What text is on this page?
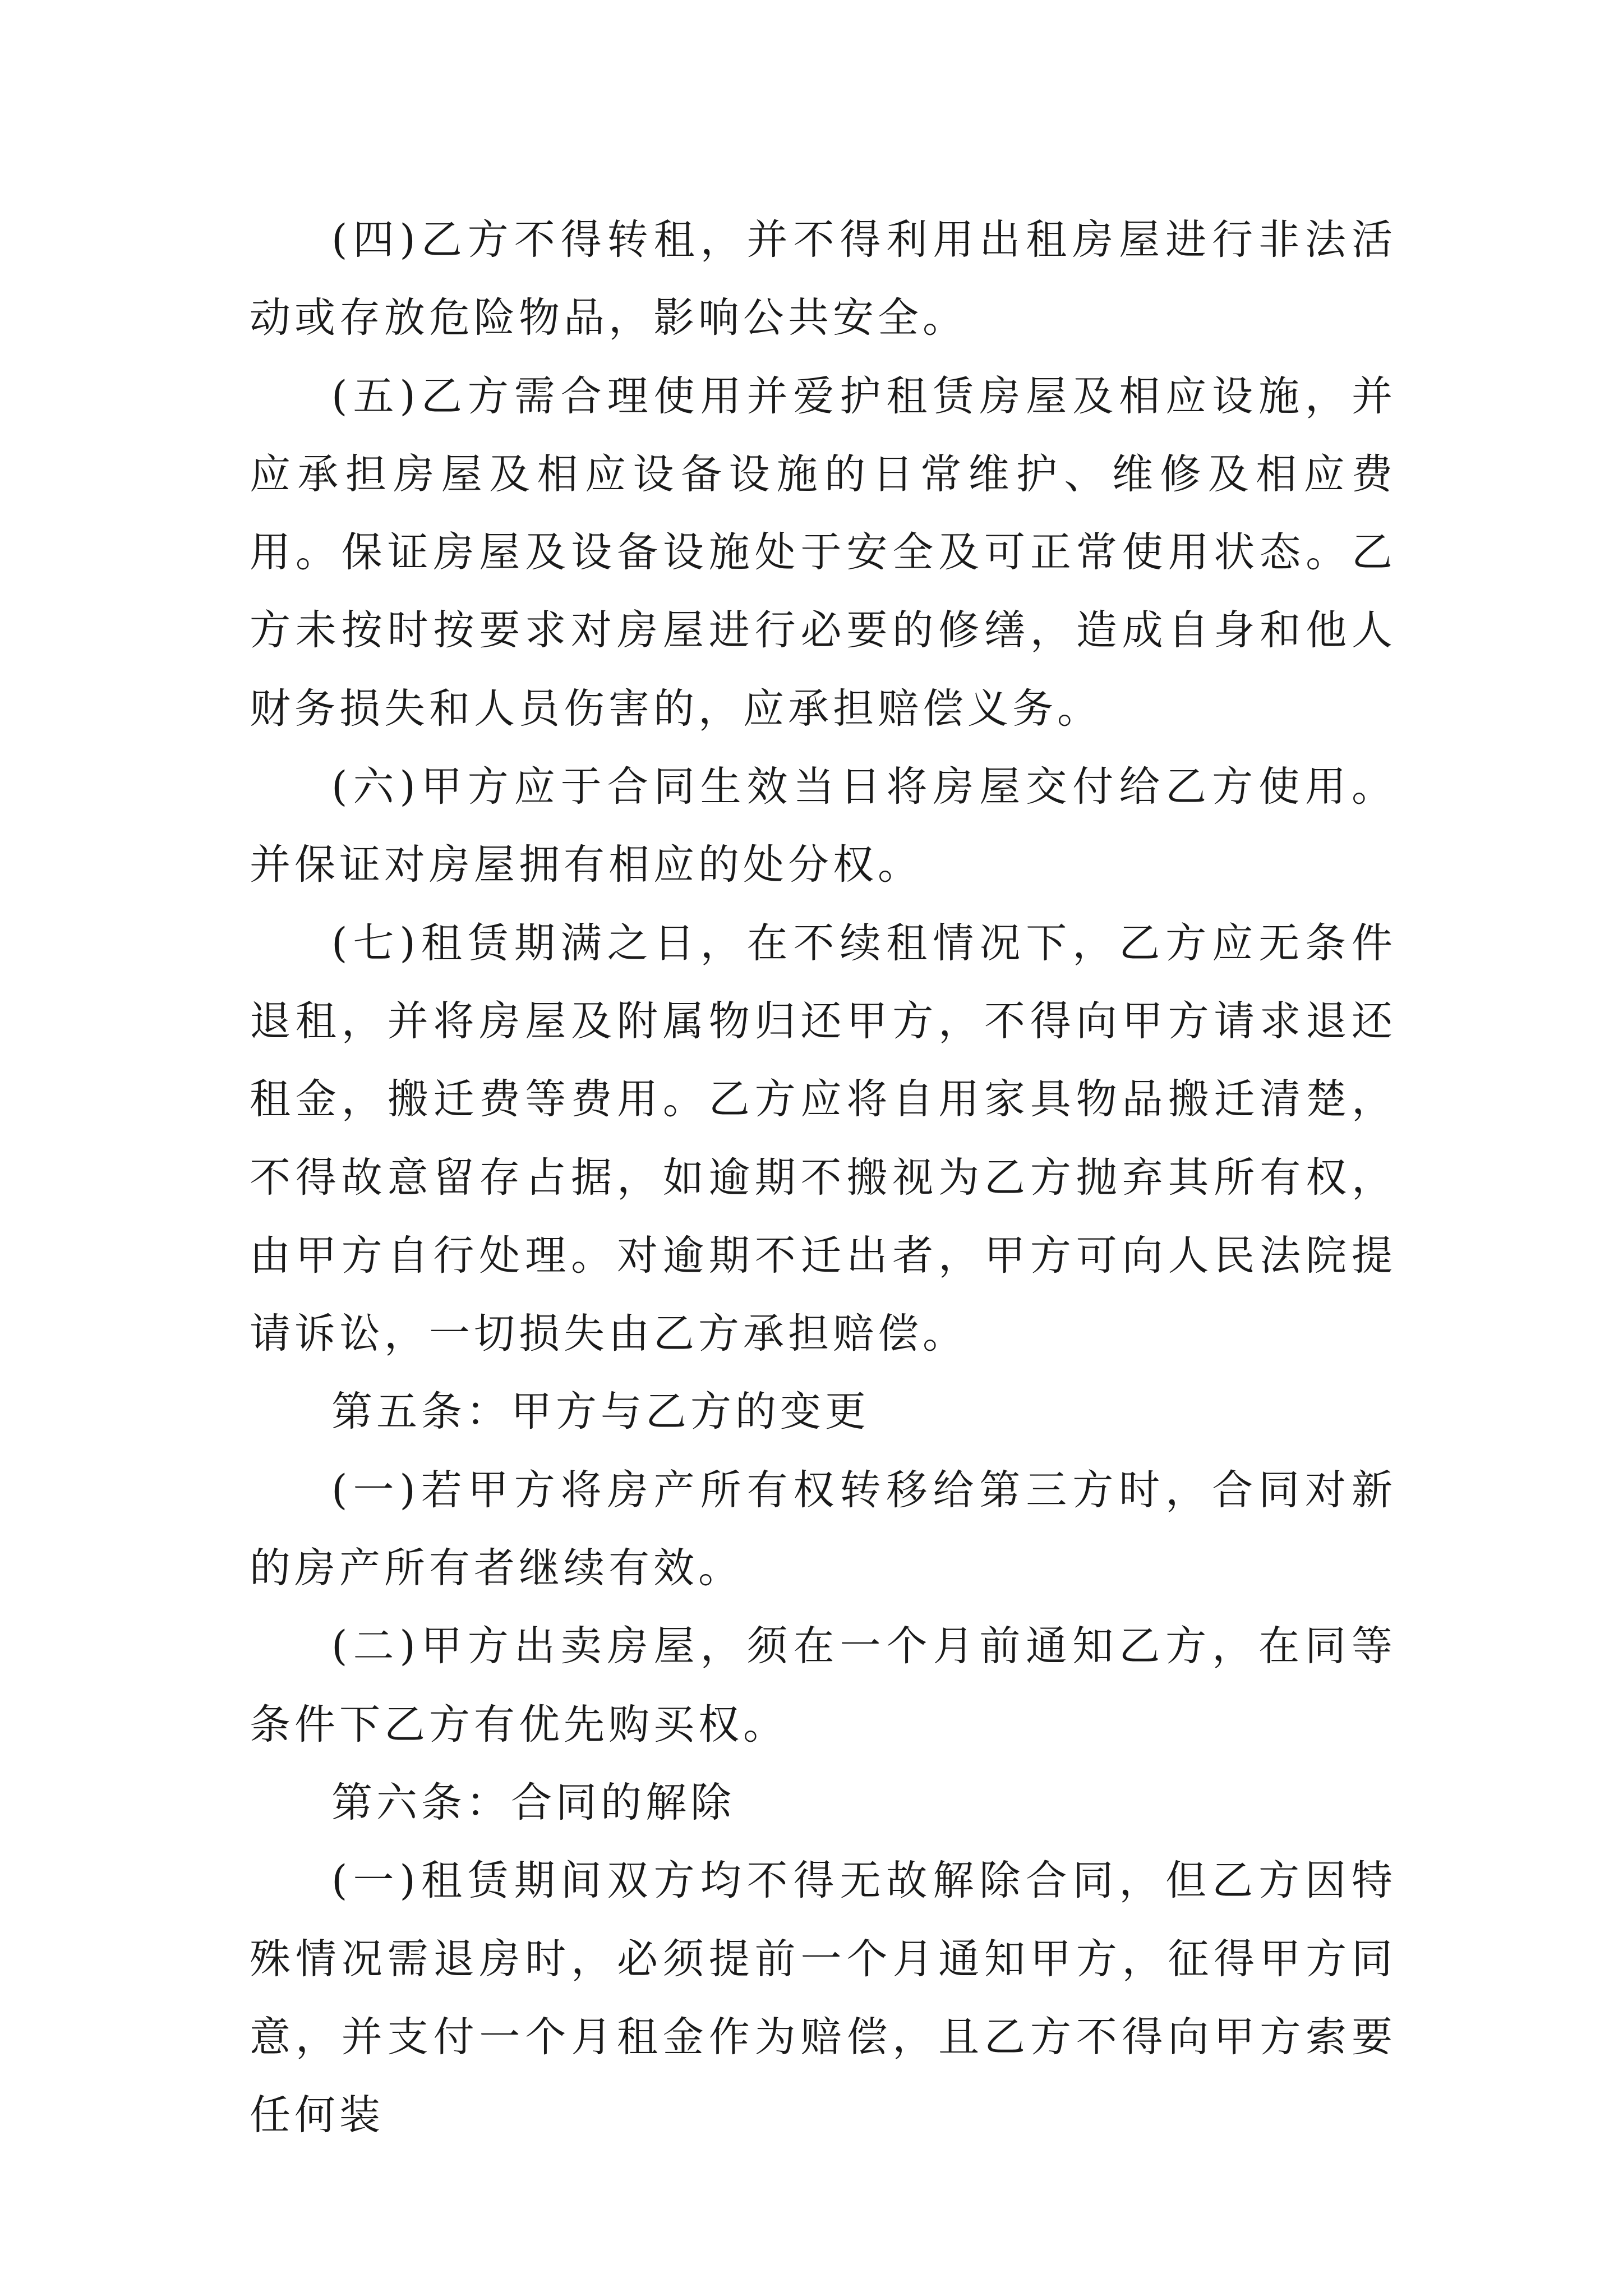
(四)乙方不得转租，并不得利用出租房屋进行非法活动或存放危险物品，影响公共安全。

(五)乙方需合理使用并爱护租赁房屋及相应设施，并应承担房屋及相应设备设施的日常维护、维修及相应费用。保证房屋及设备设施处于安全及可正常使用状态。乙方未按时按要求对房屋进行必要的修缮，造成自身和他人财务损失和人员伤害的，应承担赔偿义务。

(六)甲方应于合同生效当日将房屋交付给乙方使用。并保证对房屋拥有相应的处分权。

(七)租赁期满之日，在不续租情况下，乙方应无条件退租，并将房屋及附属物归还甲方，不得向甲方请求退还租金，搬迁费等费用。乙方应将自用家具物品搬迁清楚，不得故意留存占据，如逾期不搬视为乙方抛弃其所有权，由甲方自行处理。对逾期不迁出者，甲方可向人民法院提请诉讼，一切损失由乙方承担赔偿。

第五条：甲方与乙方的变更

(一)若甲方将房产所有权转移给第三方时，合同对新的房产所有者继续有效。

(二)甲方出卖房屋，须在一个月前通知乙方，在同等条件下乙方有优先购买权。

第六条：合同的解除

(一)租赁期间双方均不得无故解除合同，但乙方因特殊情况需退房时，必须提前一个月通知甲方，征得甲方同意，并支付一个月租金作为赔偿，且乙方不得向甲方索要任何装
